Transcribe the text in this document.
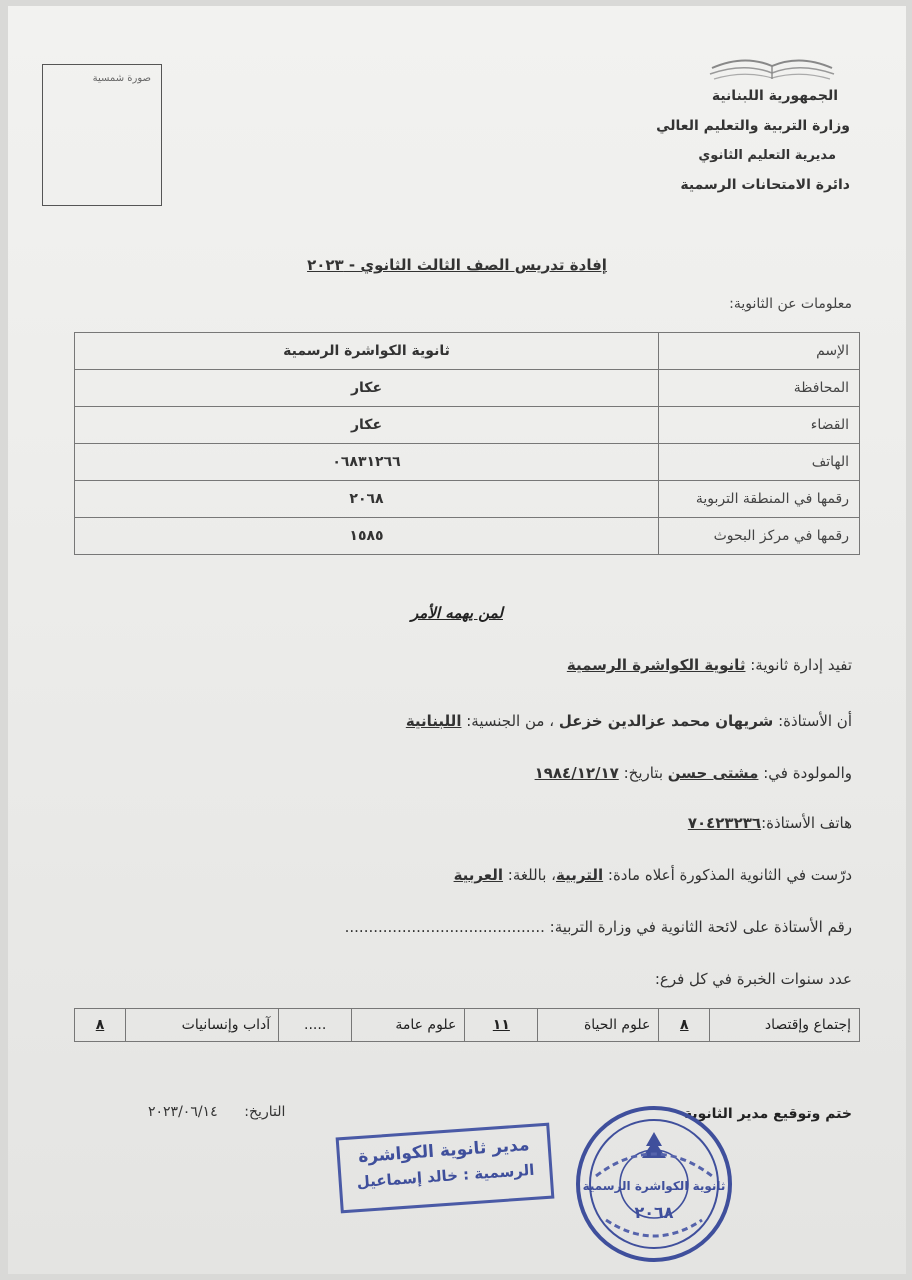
صورة شمسية
الجمهورية اللبنانية
وزارة التربية والتعليم العالي
مديرية التعليم الثانوي
دائرة الامتحانات الرسمية
إفادة تدريس الصف الثالث الثانوي - ٢٠٢٣
معلومات عن الثانوية:
الإسم	ثانوية الكواشرة الرسمية
المحافظة	عكار
القضاء	عكار
الهاتف	٠٦٨٣١٢٦٦
رقمها في المنطقة التربوية	٢٠٦٨
رقمها في مركز البحوث	١٥٨٥
لمن يهمه الأمر
تفيد إدارة ثانوية: ثانوية الكواشرة الرسمية
أن الأستاذة: شريهان محمد عزالدين خزعل ، من الجنسية: اللبنانية
والمولودة في: مشتى حسن بتاريخ: ١٩٨٤/١٢/١٧
هاتف الأستاذة:٧٠٤٢٣٢٣٦
درّست في الثانوية المذكورة أعلاه مادة: التربية، باللغة: العربية
رقم الأستاذة على لائحة الثانوية في وزارة التربية: ..........................................
عدد سنوات الخبرة في كل فرع:
إجتماع وإقتصاد	٨	علوم الحياة	١١	علوم عامة	.....	آداب وإنسانيات	٨
ختم وتوقيع مدير الثانوية
التاريخ:      ٢٠٢٣/٠٦/١٤
مدير ثانوية الكواشرة
الرسمية : خالد إسماعيل	ثانوية الكواشرة الرسمية
٢٠٦٨
